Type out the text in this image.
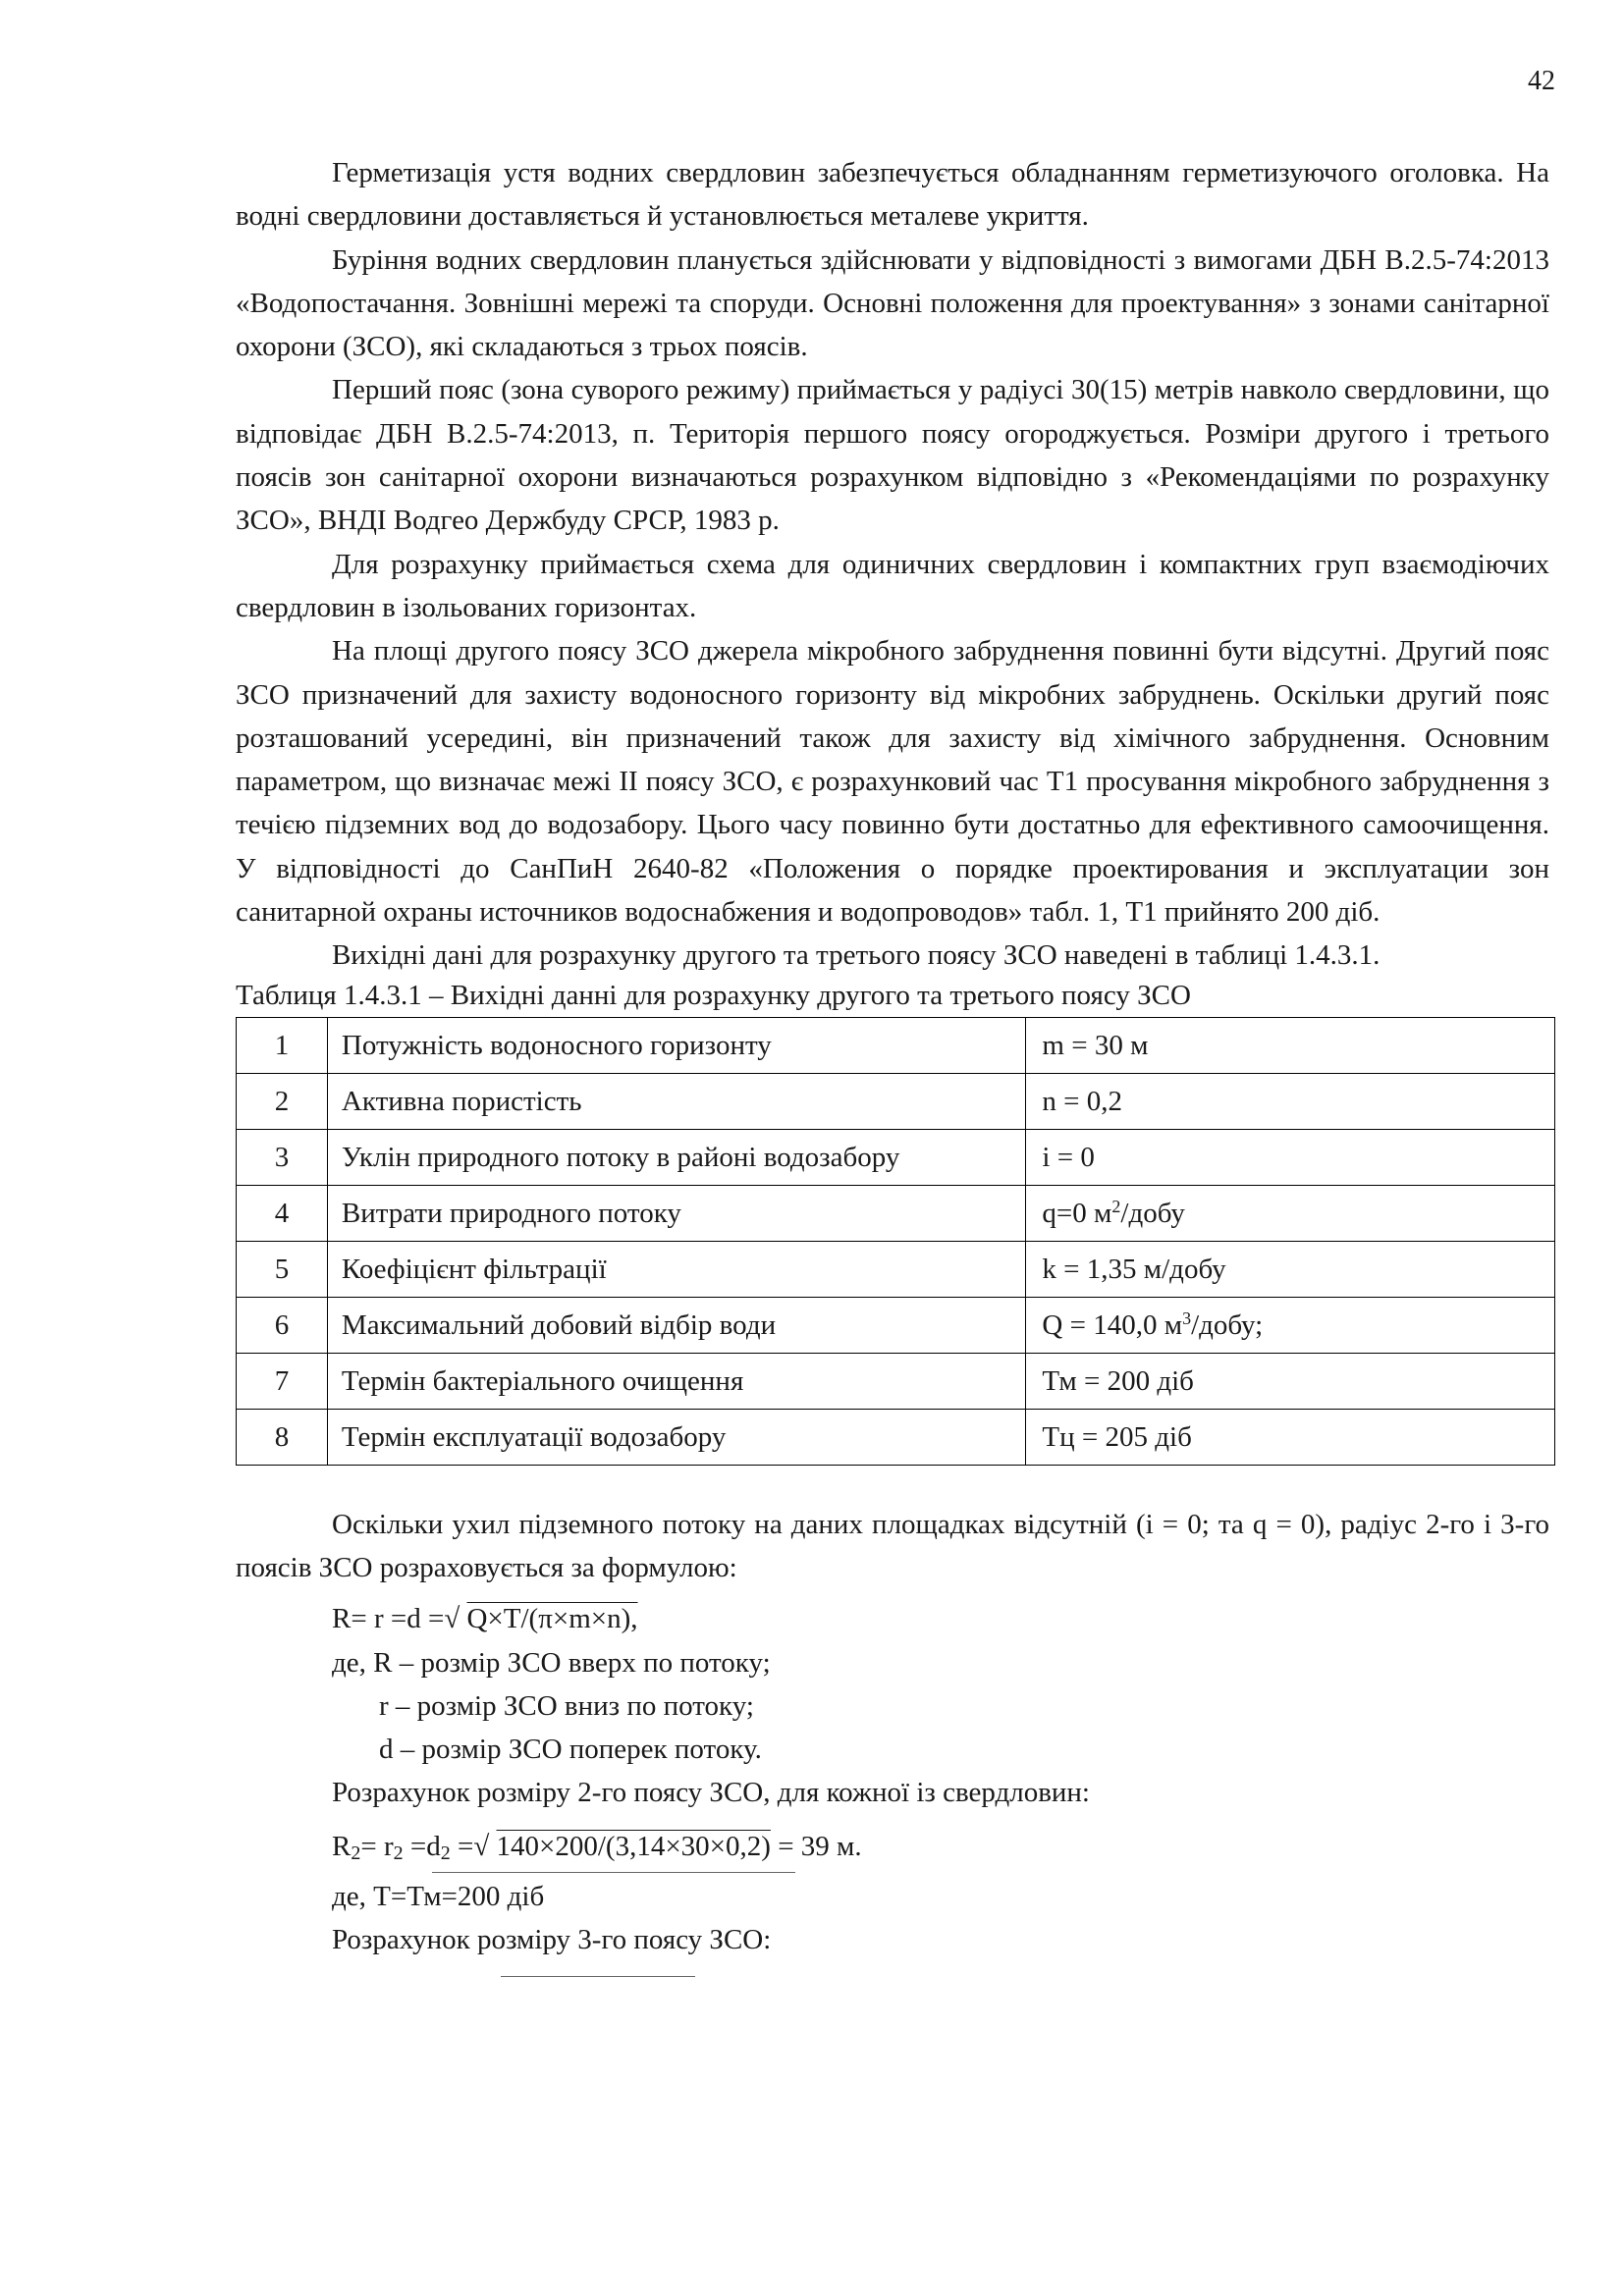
42

Герметизація устя водних свердловин забезпечується обладнанням герметизуючого оголовка. На водні свердловини доставляється й установлюється металеве укриття.

Буріння водних свердловин планується здійснювати у відповідності з вимогами ДБН В.2.5-74:2013 «Водопостачання. Зовнішні мережі та споруди. Основні положення для проектування» з зонами санітарної охорони (ЗСО), які складаються з трьох поясів.

Перший пояс (зона суворого режиму) приймається у радіусі 30(15) метрів навколо свердловини, що відповідає ДБН В.2.5-74:2013, п. Територія першого поясу огороджується. Розміри другого і третього поясів зон санітарної охорони визначаються розрахунком відповідно з «Рекомендаціями по розрахунку ЗСО», ВНДІ Водгео Держбуду СРСР, 1983 р.

Для розрахунку приймається схема для одиничних свердловин і компактних груп взаємодіючих свердловин в ізольованих горизонтах.

На площі другого поясу ЗСО джерела мікробного забруднення повинні бути відсутні. Другий пояс ЗСО призначений для захисту водоносного горизонту від мікробних забруднень. Оскільки другий пояс розташований усередині, він призначений також для захисту від хімічного забруднення. Основним параметром, що визначає межі II поясу ЗСО, є розрахунковий час Т1 просування мікробного забруднення з течією підземних вод до водозабору. Цього часу повинно бути достатньо для ефективного самоочищення. У відповідності до СанПиН 2640-82 «Положения о порядке проектирования и эксплуатации зон санитарной охраны источников водоснабжения и водопроводов» табл. 1, Т1 прийнято 200 діб.

Вихідні дані для розрахунку другого та третього поясу ЗСО наведені в таблиці 1.4.3.1.

Таблиця 1.4.3.1 – Вихідні данні для розрахунку другого та третього поясу ЗСО

1	Потужність водоносного горизонту	m = 30 м
2	Активна пористість	n = 0,2
3	Уклін природного потоку в районі водозабору	i = 0
4	Витрати природного потоку	q=0 $м^2$/добу
5	Коефіцієнт фільтрації	k = 1,35 м/добу
6	Максимальний добовий відбір води	Q = 140,0 $м^3$/добу;
7	Термін бактеріального очищення	Тм = 200 діб
8	Термін експлуатації водозабору	Тц = 205 діб

Оскільки ухил підземного потоку на даних площадках відсутній (i = 0; та q = 0), радіус 2-го і 3-го поясів ЗСО розраховується за формулою:

R= r =d =√ Q×T/(π×m×n),

де, R – розмір ЗСО вверх по потоку;

r – розмір ЗСО вниз по потоку;

d – розмір ЗСО поперек потоку.

Розрахунок розміру 2-го поясу ЗСО, для кожної із свердловин:

$R_2= r_2 =d_2$ =√ 140×200/(3,14×30×0,2) = 39 м.

де, Т=Тм=200 діб

Розрахунок розміру 3-го поясу ЗСО:
